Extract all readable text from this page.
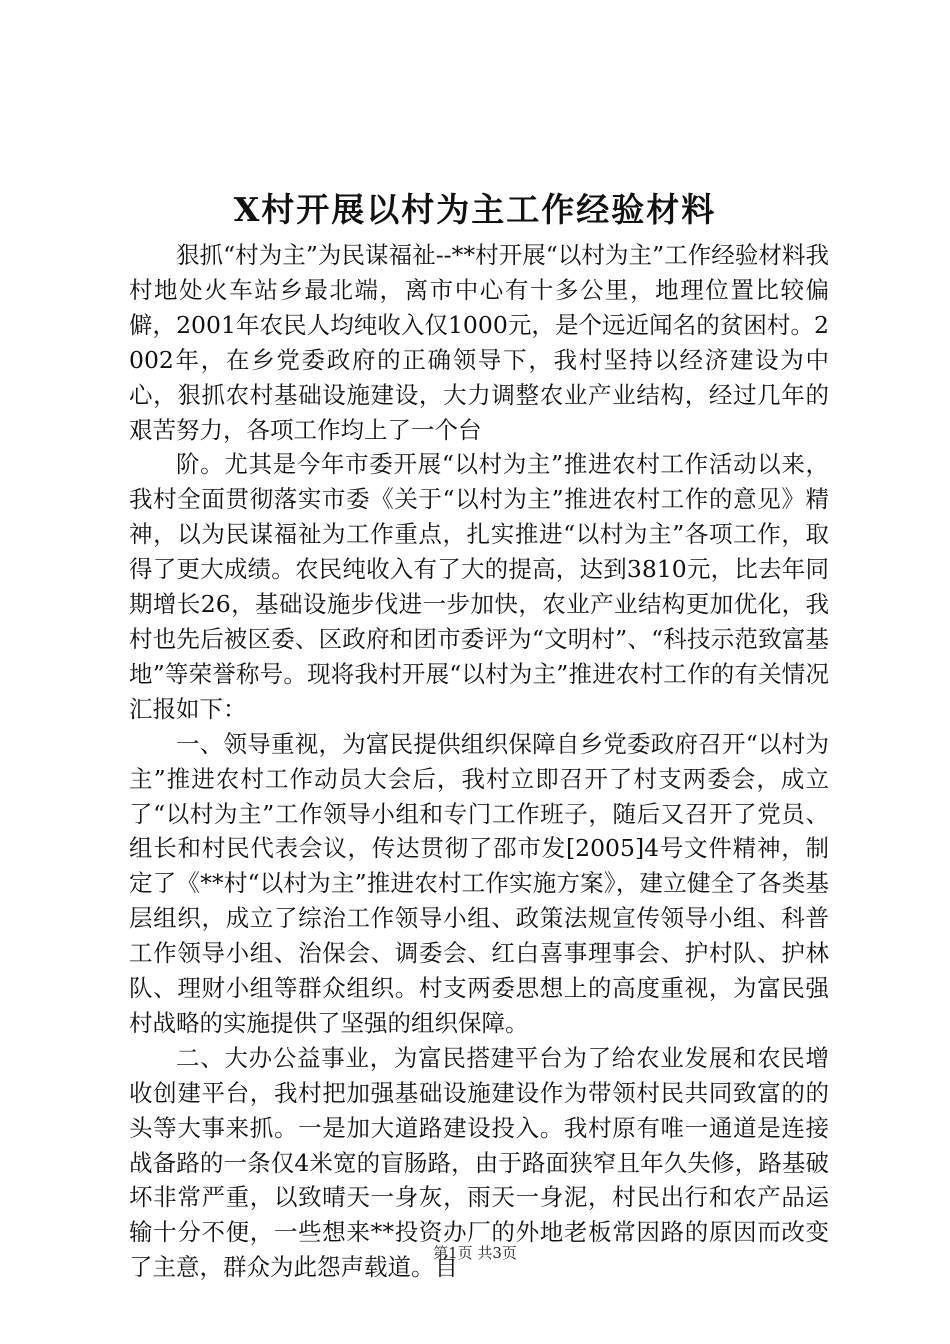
X村开展以村为主工作经验材料

狠抓“村为主”为民谋福祉--**村开展“以村为主”工作经验材料我村地处火车站乡最北端，离市中心有十多公里，地理位置比较偏僻，2001年农民人均纯收入仅1000元，是个远近闻名的贫困村。2002年，在乡党委政府的正确领导下，我村坚持以经济建设为中心，狠抓农村基础设施建设，大力调整农业产业结构，经过几年的艰苦努力，各项工作均上了一个台

阶。尤其是今年市委开展“以村为主”推进农村工作活动以来，我村全面贯彻落实市委《关于“以村为主”推进农村工作的意见》精神，以为民谋福祉为工作重点，扎实推进“以村为主”各项工作，取得了更大成绩。农民纯收入有了大的提高，达到3810元，比去年同期增长26，基础设施步伐进一步加快，农业产业结构更加优化，我村也先后被区委、区政府和团市委评为“文明村”、“科技示范致富基地”等荣誉称号。现将我村开展“以村为主”推进农村工作的有关情况汇报如下：

一、领导重视，为富民提供组织保障自乡党委政府召开“以村为主”推进农村工作动员大会后，我村立即召开了村支两委会，成立了“以村为主”工作领导小组和专门工作班子，随后又召开了党员、组长和村民代表会议，传达贯彻了邵市发[2005]4号文件精神，制定了《**村“以村为主”推进农村工作实施方案》，建立健全了各类基层组织，成立了综治工作领导小组、政策法规宣传领导小组、科普工作领导小组、治保会、调委会、红白喜事理事会、护村队、护林队、理财小组等群众组织。村支两委思想上的高度重视，为富民强村战略的实施提供了坚强的组织保障。

二、大办公益事业，为富民搭建平台为了给农业发展和农民增收创建平台，我村把加强基础设施建设作为带领村民共同致富的的头等大事来抓。一是加大道路建设投入。我村原有唯一通道是连接战备路的一条仅4米宽的盲肠路，由于路面狭窄且年久失修，路基破坏非常严重，以致晴天一身灰，雨天一身泥，村民出行和农产品运输十分不便，一些想来**投资办厂的外地老板常因路的原因而改变了主意，群众为此怨声载道。自

第1页 共3页
